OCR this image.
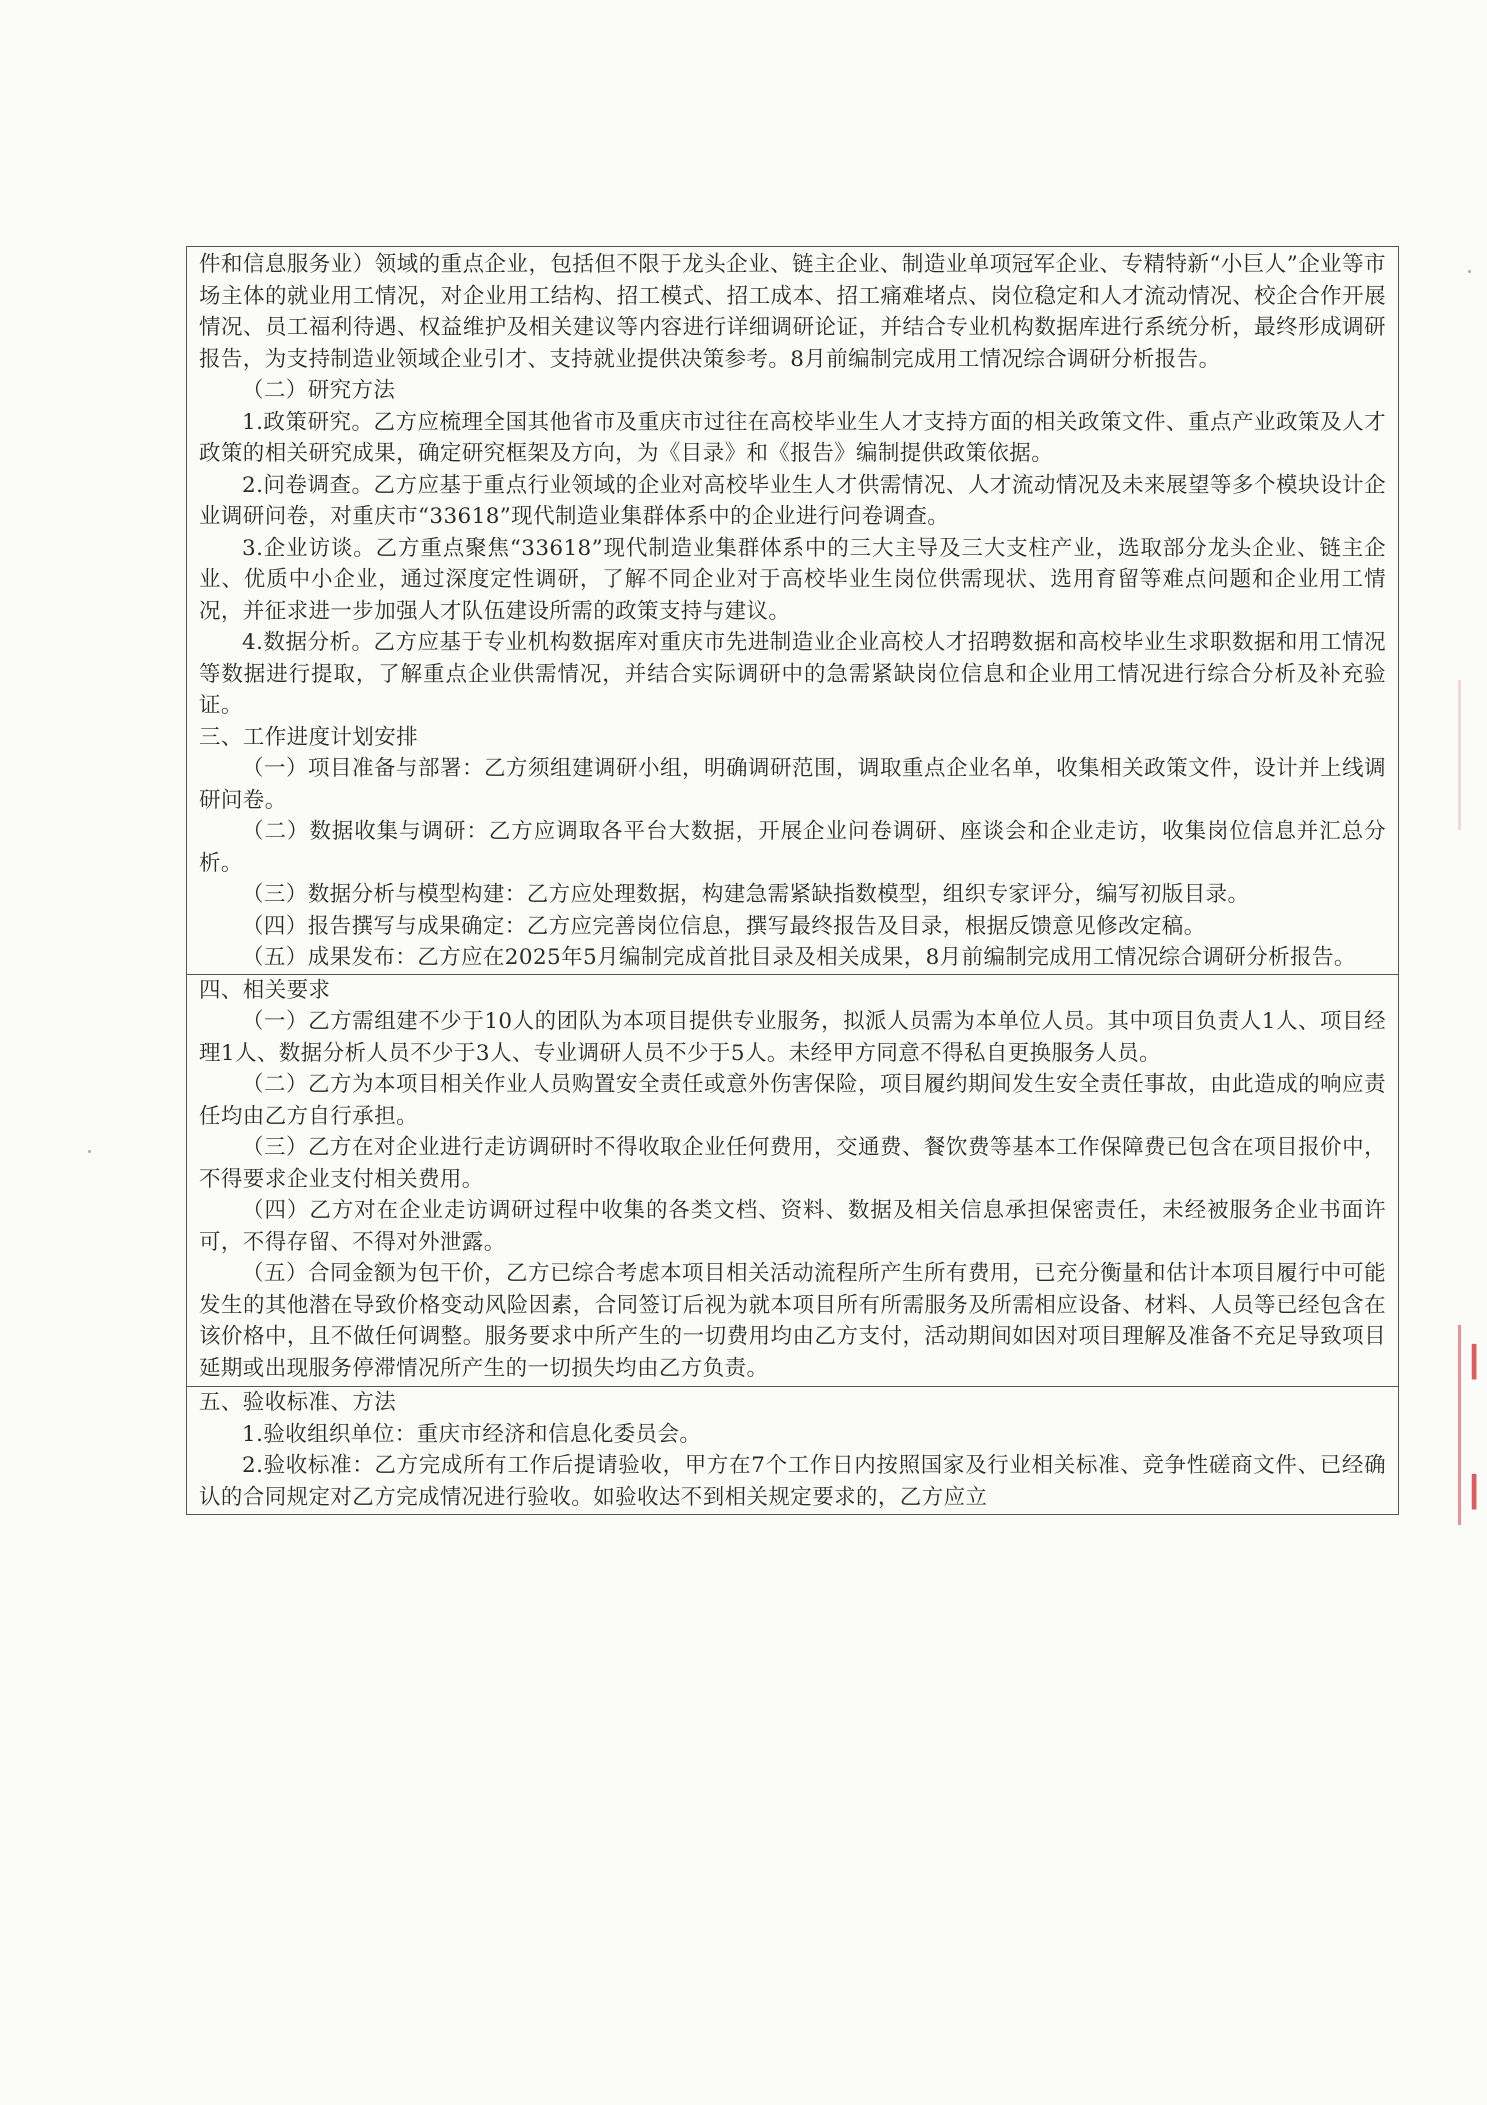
件和信息服务业）领域的重点企业，包括但不限于龙头企业、链主企业、制造业单项冠军企业、专精特新“小巨人”企业等市场主体的就业用工情况，对企业用工结构、招工模式、招工成本、招工痛难堵点、岗位稳定和人才流动情况、校企合作开展情况、员工福利待遇、权益维护及相关建议等内容进行详细调研论证，并结合专业机构数据库进行系统分析，最终形成调研报告，为支持制造业领域企业引才、支持就业提供决策参考。8月前编制完成用工情况综合调研分析报告。

（二）研究方法

1.政策研究。乙方应梳理全国其他省市及重庆市过往在高校毕业生人才支持方面的相关政策文件、重点产业政策及人才政策的相关研究成果，确定研究框架及方向，为《目录》和《报告》编制提供政策依据。

2.问卷调查。乙方应基于重点行业领域的企业对高校毕业生人才供需情况、人才流动情况及未来展望等多个模块设计企业调研问卷，对重庆市“33618”现代制造业集群体系中的企业进行问卷调查。

3.企业访谈。乙方重点聚焦“33618”现代制造业集群体系中的三大主导及三大支柱产业，选取部分龙头企业、链主企业、优质中小企业，通过深度定性调研，了解不同企业对于高校毕业生岗位供需现状、选用育留等难点问题和企业用工情况，并征求进一步加强人才队伍建设所需的政策支持与建议。

4.数据分析。乙方应基于专业机构数据库对重庆市先进制造业企业高校人才招聘数据和高校毕业生求职数据和用工情况等数据进行提取，了解重点企业供需情况，并结合实际调研中的急需紧缺岗位信息和企业用工情况进行综合分析及补充验证。

三、工作进度计划安排

（一）项目准备与部署：乙方须组建调研小组，明确调研范围，调取重点企业名单，收集相关政策文件，设计并上线调研问卷。

（二）数据收集与调研：乙方应调取各平台大数据，开展企业问卷调研、座谈会和企业走访，收集岗位信息并汇总分析。

（三）数据分析与模型构建：乙方应处理数据，构建急需紧缺指数模型，组织专家评分，编写初版目录。

（四）报告撰写与成果确定：乙方应完善岗位信息，撰写最终报告及目录，根据反馈意见修改定稿。

（五）成果发布：乙方应在2025年5月编制完成首批目录及相关成果，8月前编制完成用工情况综合调研分析报告。

四、相关要求

（一）乙方需组建不少于10人的团队为本项目提供专业服务，拟派人员需为本单位人员。其中项目负责人1人、项目经理1人、数据分析人员不少于3人、专业调研人员不少于5人。未经甲方同意不得私自更换服务人员。

（二）乙方为本项目相关作业人员购置安全责任或意外伤害保险，项目履约期间发生安全责任事故，由此造成的响应责任均由乙方自行承担。

（三）乙方在对企业进行走访调研时不得收取企业任何费用，交通费、餐饮费等基本工作保障费已包含在项目报价中，不得要求企业支付相关费用。

（四）乙方对在企业走访调研过程中收集的各类文档、资料、数据及相关信息承担保密责任，未经被服务企业书面许可，不得存留、不得对外泄露。

（五）合同金额为包干价，乙方已综合考虑本项目相关活动流程所产生所有费用，已充分衡量和估计本项目履行中可能发生的其他潜在导致价格变动风险因素，合同签订后视为就本项目所有所需服务及所需相应设备、材料、人员等已经包含在该价格中，且不做任何调整。服务要求中所产生的一切费用均由乙方支付，活动期间如因对项目理解及准备不充足导致项目延期或出现服务停滞情况所产生的一切损失均由乙方负责。

五、验收标准、方法

1.验收组织单位：重庆市经济和信息化委员会。

2.验收标准：乙方完成所有工作后提请验收，甲方在7个工作日内按照国家及行业相关标准、竞争性磋商文件、已经确认的合同规定对乙方完成情况进行验收。如验收达不到相关规定要求的，乙方应立

┃
┃
